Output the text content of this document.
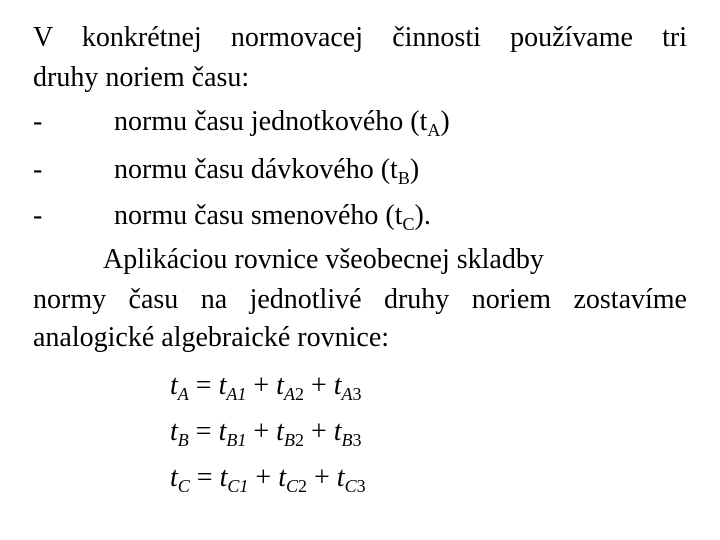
V konkrétnej normovacej činnosti používame tri
druhy noriem času:
-	normu času jednotkového $(t_A)$
-	normu času dávkového $(t_B)$
-	normu času smenového $(t_C)$.
Aplikáciou rovnice všeobecnej skladby
normy času na jednotlivé druhy noriem zostavíme
analogické algebraické rovnice:
$t_A = t_{A1} + t_{A2} + t_{A3}$
$t_B = t_{B1} + t_{B2} + t_{B3}$
$t_C = t_{C1} + t_{C2} + t_{C3}$
